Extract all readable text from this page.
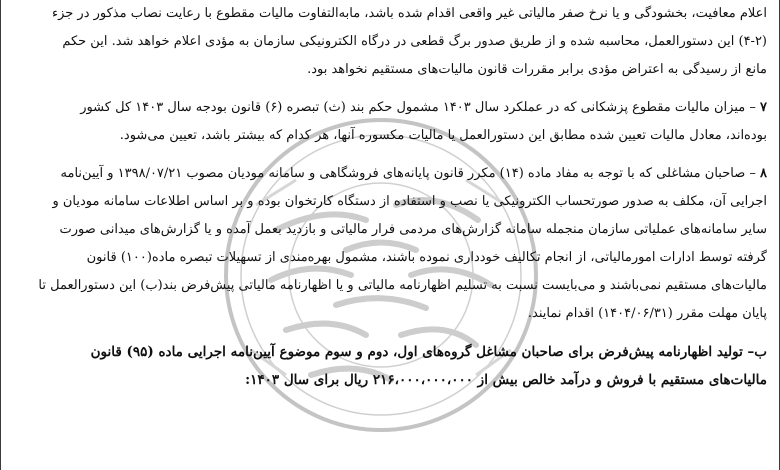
اعلام معافیت، بخشودگی و یا نرخ صفر مالیاتی غیر واقعی اقدام شده باشد، مابه‌التفاوت مالیات مقطوع با رعایت نصاب مذکور در جزء

(۴-۲) این دستورالعمل، محاسبه شده و از طریق صدور برگ قطعی در درگاه الکترونیکی سازمان به مؤدی اعلام خواهد شد. این حکم

مانع از رسیدگی به اعتراض مؤدی برابر مقررات قانون مالیات‌های مستقیم نخواهد بود.

۷ – میزان مالیات مقطوع پزشکانی که در عملکرد سال ۱۴۰۳ مشمول حکم بند (ث) تبصره (۶) قانون بودجه سال ۱۴۰۳ کل کشور

بوده‌اند، معادل مالیات تعیین شده مطابق این دستورالعمل یا مالیات مکسوره آنها، هر کدام که بیشتر باشد، تعیین می‌شود.

۸ – صاحبان مشاغلی که با توجه به مفاد ماده (۱۴) مکرر قانون پایانه‌های فروشگاهی و سامانه مودیان مصوب ۱۳۹۸/۰۷/۲۱ و آیین‌نامه

اجرایی آن، مکلف به صدور صورتحساب الکترونیکی یا نصب و استفاده از دستگاه کارتخوان بوده و بر اساس اطلاعات سامانه مودیان و

سایر سامانه‌های عملیاتی سازمان منجمله سامانه گزارش‌های مردمی فرار مالیاتی و بازدید بعمل آمده و یا گزارش‌های میدانی صورت

گرفته توسط ادارات امورمالیاتی، از انجام تکالیف خودداری نموده باشند، مشمول بهره‌مندی از تسهیلات تبصره ماده(۱۰۰) قانون

مالیات‌های مستقیم نمی‌باشند و می‌بایست نسبت به تسلیم اظهارنامه مالیاتی و یا اظهارنامه مالیاتی پیش‌فرض بند(ب) این دستورالعمل تا

پایان مهلت مقرر (۱۴۰۴/۰۶/۳۱) اقدام نمایند.

ب– تولید اظهارنامه پیش‌فرض برای صاحبان مشاغل گروه‌های اول، دوم و سوم موضوع آیین‌نامه اجرایی ماده (۹۵) قانون

مالیات‌های مستقیم با فروش و درآمد خالص بیش از ۲۱۶،۰۰۰،۰۰۰،۰۰۰ ریال برای سال ۱۴۰۳:
